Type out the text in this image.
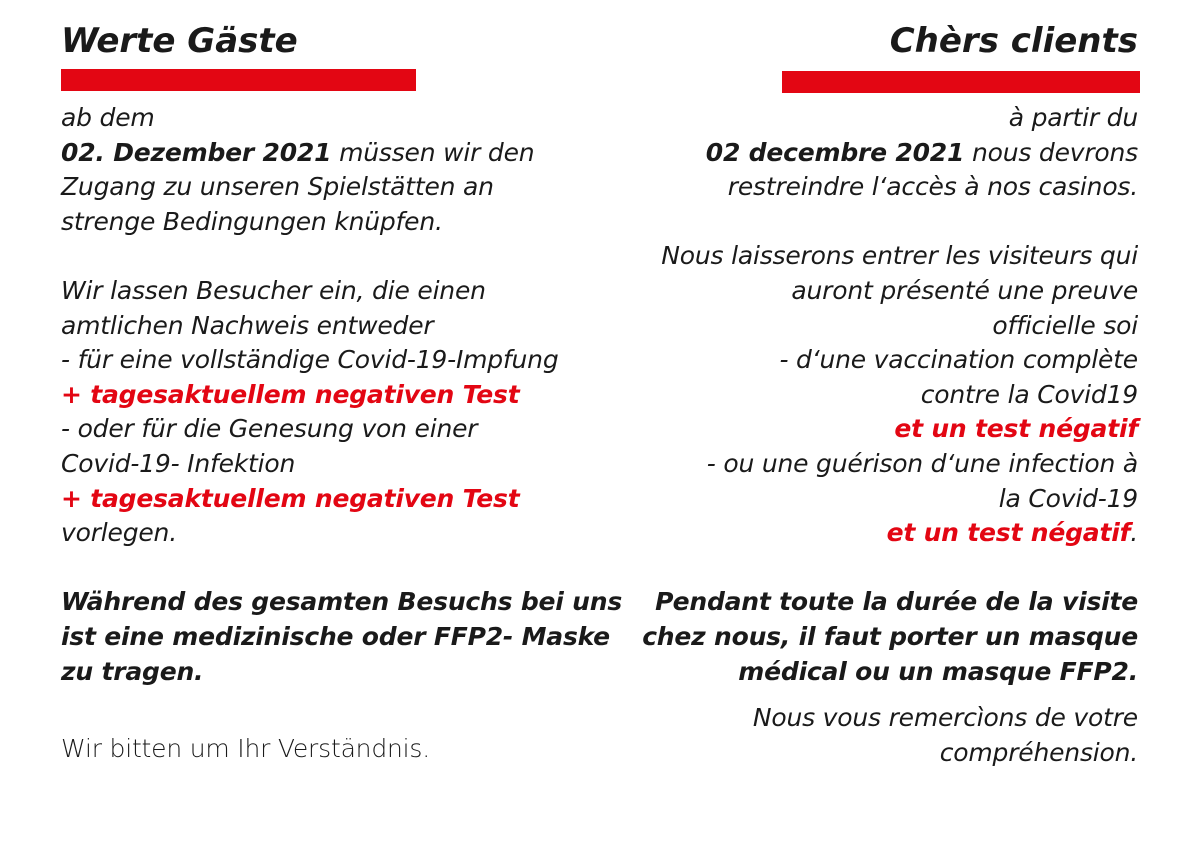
Werte Gäste
ab dem
02. Dezember 2021 müssen wir den
Zugang zu unseren Spielstätten an
strenge Bedingungen knüpfen.
Wir lassen Besucher ein, die einen
amtlichen Nachweis entweder
- für eine vollständige Covid-19-Impfung
+ tagesaktuellem negativen Test
- oder für die Genesung von einer
Covid-19- Infektion
+ tagesaktuellem negativen Test
vorlegen.
Während des gesamten Besuchs bei uns
ist eine medizinische oder FFP2- Maske
zu tragen.
Wir bitten um Ihr Verständnis.
Chèrs clients
à partir du
02 decembre 2021 nous devrons
restreindre l‘accès à nos casinos.
Nous laisserons entrer les visiteurs qui
auront présenté une preuve
officielle soi
- d‘une vaccination complète
contre la Covid19
et un test négatif
- ou une guérison d‘une infection à
la Covid-19
et un test négatif.
Pendant toute la durée de la visite
chez nous, il faut porter un masque
médical ou un masque FFP2.
Nous vous remercìons de votre
compréhension.
